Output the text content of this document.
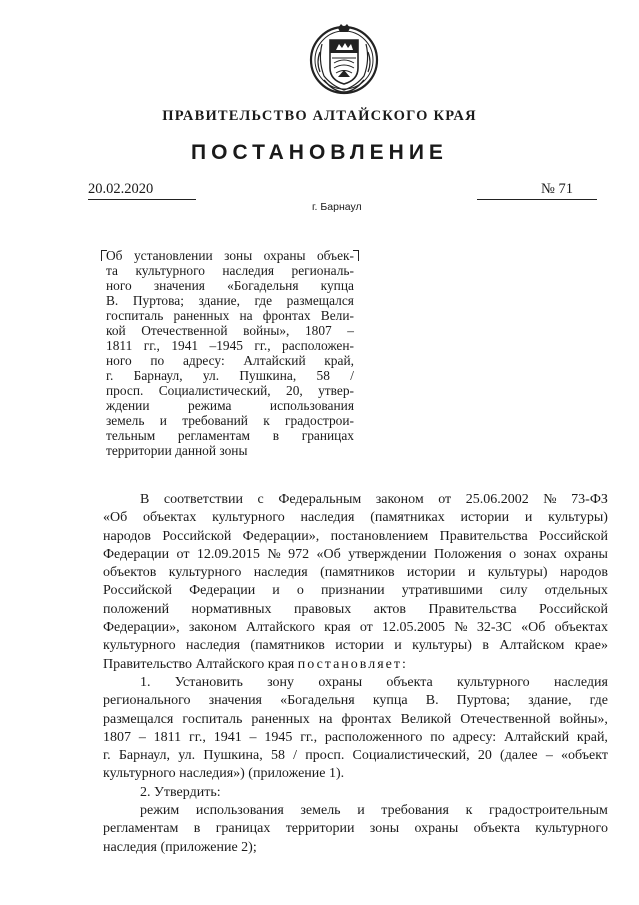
ПРАВИТЕЛЬСТВО АЛТАЙСКОГО КРАЯ
ПОСТАНОВЛЕНИЕ
20.02.2020	№ 71
г. Барнаул
Об установлении зоны охраны объек-
та культурного наследия региональ-
ного значения «Богадельня купца
В. Пуртова; здание, где размещался
госпиталь раненных на фронтах Вели-
кой Отечественной войны», 1807 –
1811 гг., 1941 –1945 гг., расположен-
ного по адресу: Алтайский край,
г. Барнаул, ул. Пушкина, 58 /
просп. Социалистический, 20, утвер-
ждении	режима	использования
земель и требований к градострои-
тельным регламентам в границах
территории данной зоны
В соответствии с Федеральным законом от 25.06.2002 № 73-ФЗ
«Об объектах культурного наследия (памятниках истории и культуры)
народов Российской Федерации», постановлением Правительства Российской
Федерации от 12.09.2015 № 972 «Об утверждении Положения о зонах охраны
объектов культурного наследия (памятников истории и культуры) народов
Российской Федерации и о признании утратившими силу отдельных
положений нормативных правовых актов Правительства Российской
Федерации», законом Алтайского края от 12.05.2005 № 32-ЗС «Об объектах
культурного наследия (памятников истории и культуры) в Алтайском крае»
Правительство Алтайского края
постановляет:
1. Установить зону охраны объекта культурного наследия
регионального значения «Богадельня купца В. Пуртова; здание, где
размещался госпиталь раненных на фронтах Великой Отечественной войны»,
1807 – 1811 гг., 1941 – 1945 гг., расположенного по адресу: Алтайский край,
г. Барнаул, ул. Пушкина, 58 / просп. Социалистический, 20 (далее – «объект
культурного наследия») (приложение 1).
2. Утвердить:
режим использования земель и требования к градостроительным
регламентам в границах территории зоны охраны объекта культурного
наследия (приложение 2);
